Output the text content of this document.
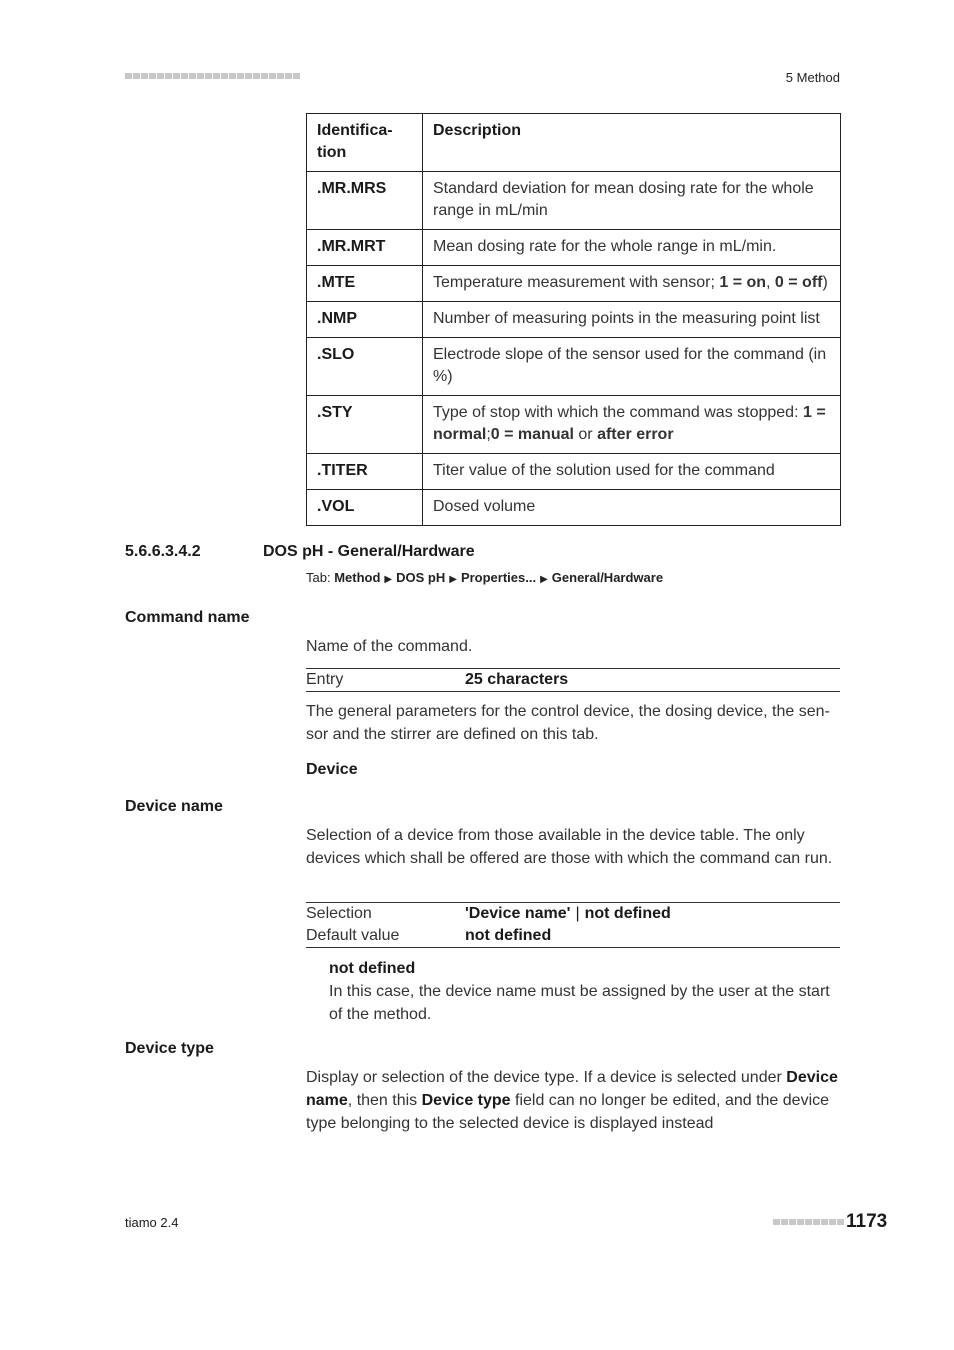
5 Method
Identifica-
tion	Description
.MR.MRS	Standard deviation for mean dosing rate for the whole range in mL/min
.MR.MRT	Mean dosing rate for the whole range in mL/min.
.MTE	Temperature measurement with sensor; 1 = on, 0 = off)
.NMP	Number of measuring points in the measuring point list
.SLO	Electrode slope of the sensor used for the command (in %)
.STY	Type of stop with which the command was stopped: 1 = normal;0 = manual or after error
.TITER	Titer value of the solution used for the command
.VOL	Dosed volume
5.6.6.3.4.2	DOS pH - General/Hardware
Tab: Method ▶ DOS pH ▶ Properties... ▶ General/Hardware
Command name
Name of the command.
Entry	25 characters
The general parameters for the control device, the dosing device, the sen-sor and the stirrer are defined on this tab.
Device
Device name
Selection of a device from those available in the device table. The only devices which shall be offered are those with which the command can run.
Selection	'Device name' | not defined
Default value	not defined
not defined
In this case, the device name must be assigned by the user at the start of the method.
Device type
Display or selection of the device type. If a device is selected under Device name, then this Device type field can no longer be edited, and the device type belonging to the selected device is displayed instead
tiamo 2.4	1173
